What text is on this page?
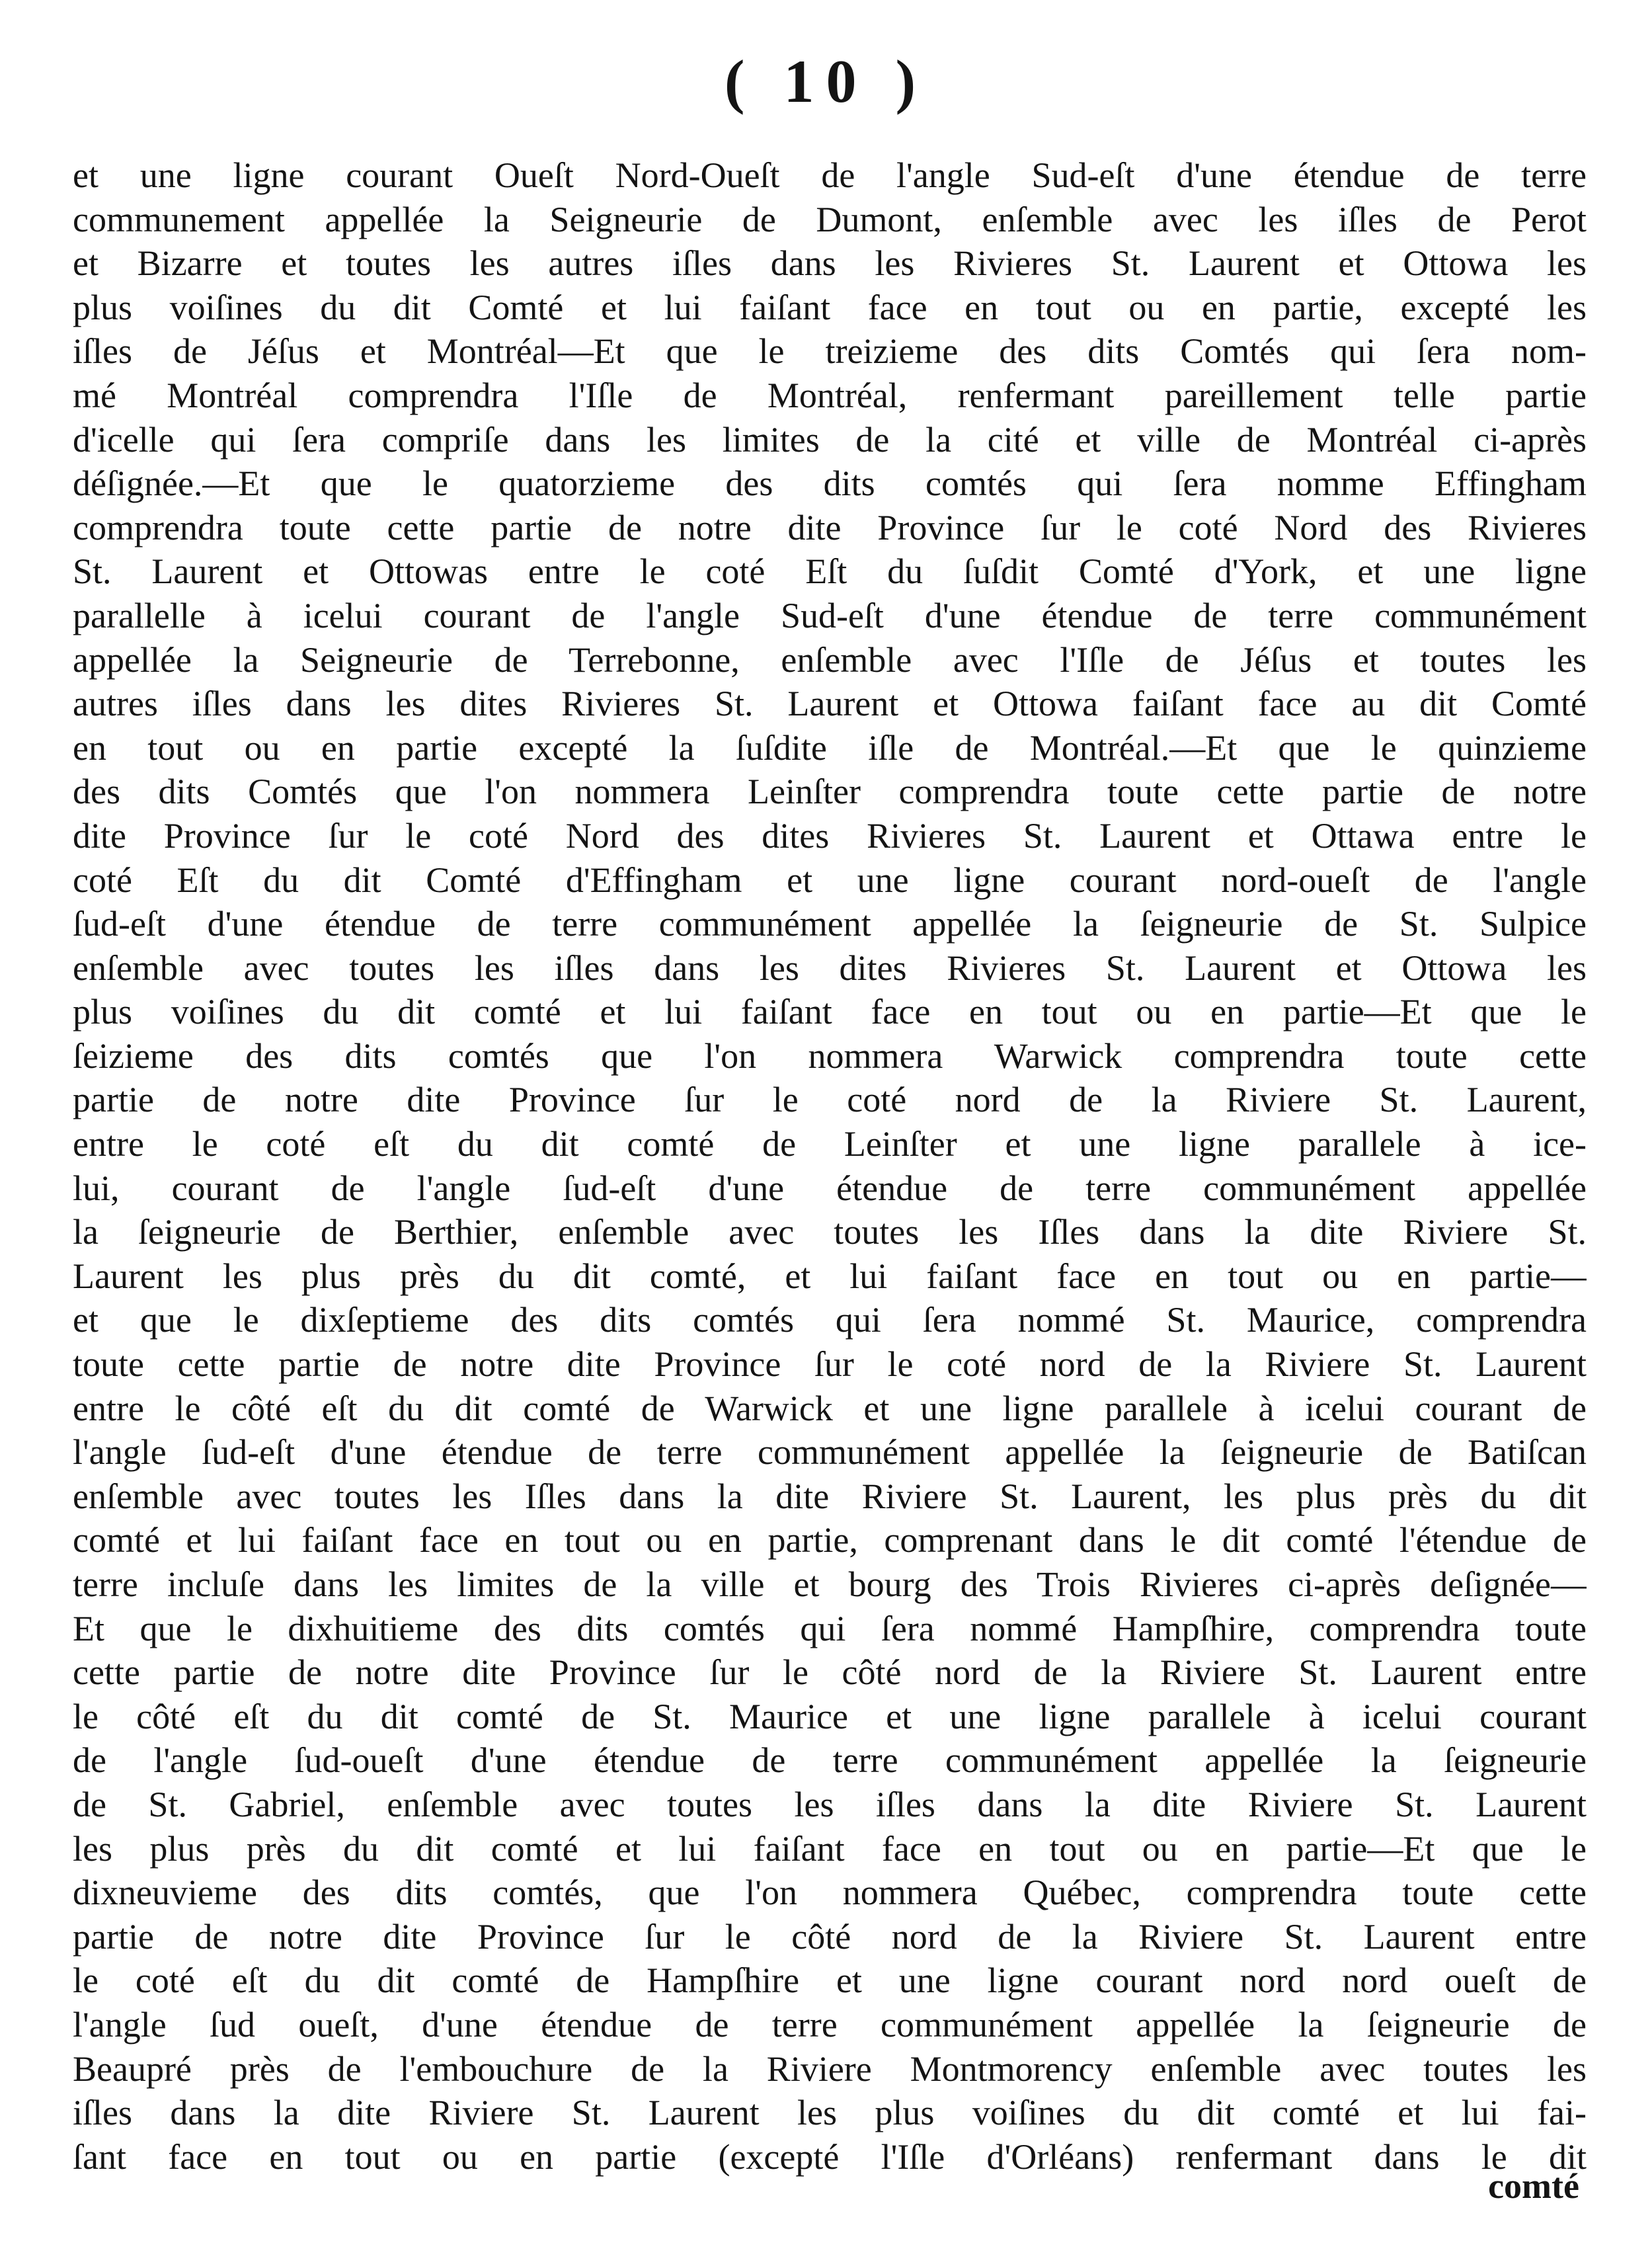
( 10 )
et une ligne courant Oueſt Nord-Oueſt de l'angle Sud-eſt d'une étendue de terre
communement appellée la Seigneurie de Dumont, enſemble avec les iſles de Perot
et Bizarre et toutes les autres iſles dans les Rivieres St. Laurent et Ottowa les
plus voiſines du dit Comté et lui faiſant face en tout ou en partie, excepté les
iſles de Jéſus et Montréal—Et que le treizieme des dits Comtés qui ſera nom-
mé Montréal comprendra l'Iſle de Montréal, renfermant pareillement telle partie
d'icelle qui ſera compriſe dans les limites de la cité et ville de Montréal ci-après
déſignée.—Et que le quatorzieme des dits comtés qui ſera nomme Effingham
comprendra toute cette partie de notre dite Province ſur le coté Nord des Rivieres
St. Laurent et Ottowas entre le coté Eſt du ſuſdit Comté d'York, et une ligne
parallelle à icelui courant de l'angle Sud-eſt d'une étendue de terre communément
appellée la Seigneurie de Terrebonne, enſemble avec l'Iſle de Jéſus et toutes les
autres iſles dans les dites Rivieres St. Laurent et Ottowa faiſant face au dit Comté
en tout ou en partie excepté la ſuſdite iſle de Montréal.—Et que le quinzieme
des dits Comtés que l'on nommera Leinſter comprendra toute cette partie de notre
dite Province ſur le coté Nord des dites Rivieres St. Laurent et Ottawa entre le
coté Eſt du dit Comté d'Effingham et une ligne courant nord-oueſt de l'angle
ſud-eſt d'une étendue de terre communément appellée la ſeigneurie de St. Sulpice
enſemble avec toutes les iſles dans les dites Rivieres St. Laurent et Ottowa les
plus voiſines du dit comté et lui faiſant face en tout ou en partie—Et que le
ſeizieme des dits comtés que l'on nommera Warwick comprendra toute cette
partie de notre dite Province ſur le coté nord de la Riviere St. Laurent,
entre le coté eſt du dit comté de Leinſter et une ligne parallele à ice-
lui, courant de l'angle ſud-eſt d'une étendue de terre communément appellée
la ſeigneurie de Berthier, enſemble avec toutes les Iſles dans la dite Riviere St.
Laurent les plus près du dit comté, et lui faiſant face en tout ou en partie—
et que le dixſeptieme des dits comtés qui ſera nommé St. Maurice, comprendra
toute cette partie de notre dite Province ſur le coté nord de la Riviere St. Laurent
entre le côté eſt du dit comté de Warwick et une ligne parallele à icelui courant de
l'angle ſud-eſt d'une étendue de terre communément appellée la ſeigneurie de Batiſcan
enſemble avec toutes les Iſles dans la dite Riviere St. Laurent, les plus près du dit
comté et lui faiſant face en tout ou en partie, comprenant dans le dit comté l'étendue de
terre incluſe dans les limites de la ville et bourg des Trois Rivieres ci-après deſignée—
Et que le dixhuitieme des dits comtés qui ſera nommé Hampſhire, comprendra toute
cette partie de notre dite Province ſur le côté nord de la Riviere St. Laurent entre
le côté eſt du dit comté de St. Maurice et une ligne parallele à icelui courant
de l'angle ſud-oueſt d'une étendue de terre communément appellée la ſeigneurie
de St. Gabriel, enſemble avec toutes les iſles dans la dite Riviere St. Laurent
les plus près du dit comté et lui faiſant face en tout ou en partie—Et que le
dixneuvieme des dits comtés, que l'on nommera Québec, comprendra toute cette
partie de notre dite Province ſur le côté nord de la Riviere St. Laurent entre
le coté eſt du dit comté de Hampſhire et une ligne courant nord nord oueſt de
l'angle ſud oueſt, d'une étendue de terre communément appellée la ſeigneurie de
Beaupré près de l'embouchure de la Riviere Montmorency enſemble avec toutes les
iſles dans la dite Riviere St. Laurent les plus voiſines du dit comté et lui fai-
ſant face en tout ou en partie (excepté l'Iſle d'Orléans) renfermant dans le dit
comté
